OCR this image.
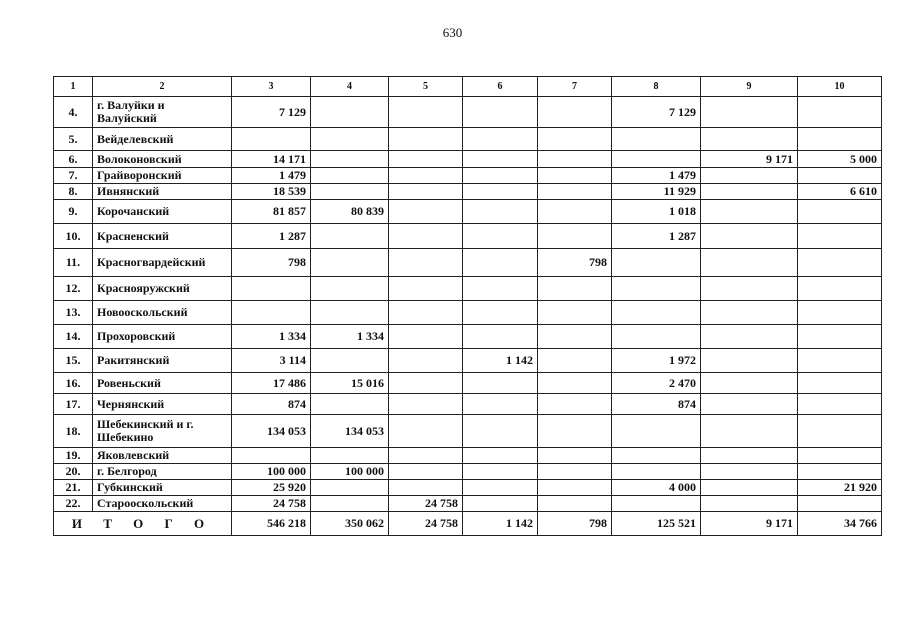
630
1	2	3	4	5	6	7	8	9	10
4.	г. Валуйки и Валуйский	7 129					7 129		
5.	Вейделевский								
6.	Волоконовский	14 171						9 171	5 000
7.	Грайворонский	1 479					1 479		
8.	Ивнянский	18 539					11 929		6 610
9.	Корочанский	81 857	80 839				1 018		
10.	Красненский	1 287					1 287		
11.	Красногвардейский	798				798			
12.	Краснояружский								
13.	Новооскольский								
14.	Прохоровский	1 334	1 334						
15.	Ракитянский	3 114			1 142		1 972		
16.	Ровеньский	17 486	15 016				2 470		
17.	Чернянский	874					874		
18.	Шебекинский и г. Шебекино	134 053	134 053						
19.	Яковлевский								
20.	г. Белгород	100 000	100 000						
21.	Губкинский	25 920					4 000		21 920
22.	Старооскольский	24 758		24 758					
И Т О Г О		546 218	350 062	24 758	1 142	798	125 521	9 171	34 766
